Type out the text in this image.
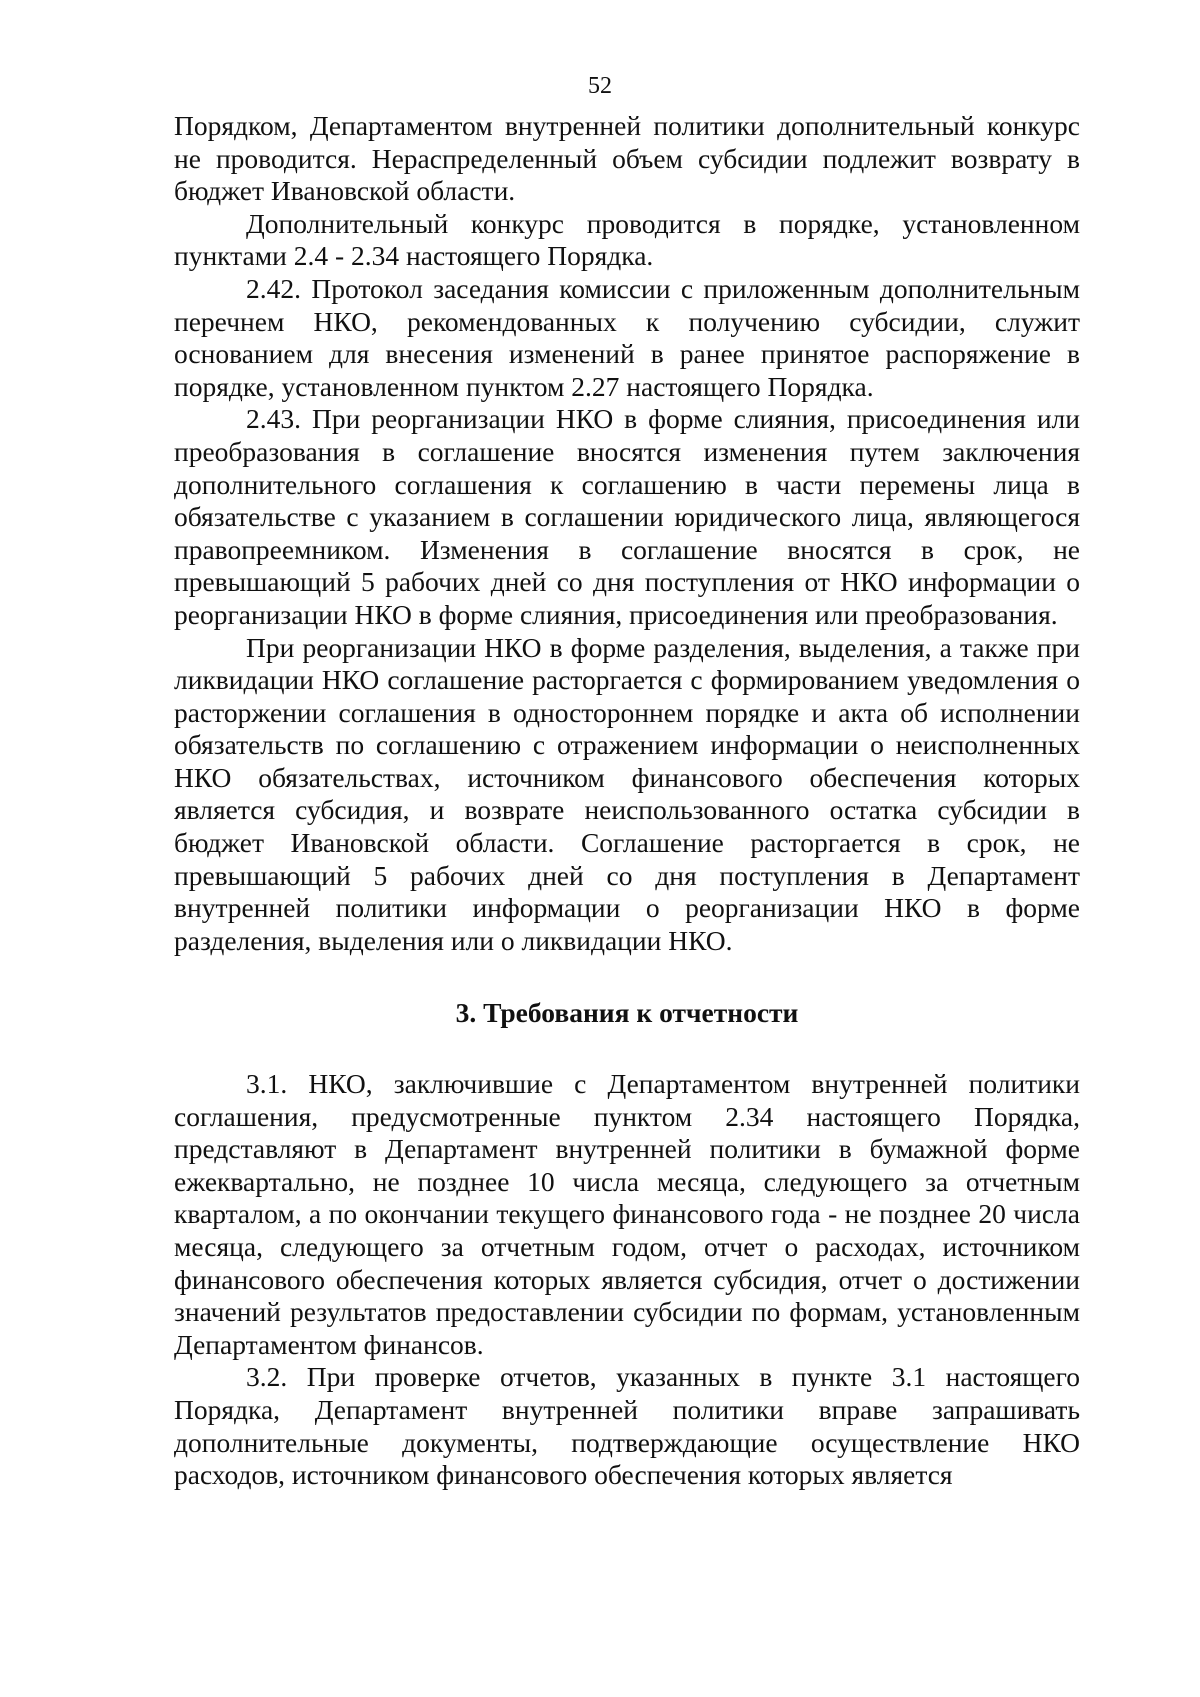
52

Порядком, Департаментом внутренней политики дополнительный конкурс не проводится. Нераспределенный объем субсидии подлежит возврату в бюджет Ивановской области.

Дополнительный конкурс проводится в порядке, установленном пунктами 2.4 - 2.34 настоящего Порядка.

2.42. Протокол заседания комиссии с приложенным дополнительным перечнем НКО, рекомендованных к получению субсидии, служит основанием для внесения изменений в ранее принятое распоряжение в порядке, установленном пунктом 2.27 настоящего Порядка.

2.43. При реорганизации НКО в форме слияния, присоединения или преобразования в соглашение вносятся изменения путем заключения дополнительного соглашения к соглашению в части перемены лица в обязательстве с указанием в соглашении юридического лица, являющегося правопреемником. Изменения в соглашение вносятся в срок, не превышающий 5 рабочих дней со дня поступления от НКО информации о реорганизации НКО в форме слияния, присоединения или преобразования.

При реорганизации НКО в форме разделения, выделения, а также при ликвидации НКО соглашение расторгается с формированием уведомления о расторжении соглашения в одностороннем порядке и акта об исполнении обязательств по соглашению с отражением информации о неисполненных НКО обязательствах, источником финансового обеспечения которых является субсидия, и возврате неиспользованного остатка субсидии в бюджет Ивановской области. Соглашение расторгается в срок, не превышающий 5 рабочих дней со дня поступления в Департамент внутренней политики информации о реорганизации НКО в форме разделения, выделения или о ликвидации НКО.

3. Требования к отчетности

3.1. НКО, заключившие с Департаментом внутренней политики соглашения, предусмотренные пунктом 2.34 настоящего Порядка, представляют в Департамент внутренней политики в бумажной форме ежеквартально, не позднее 10 числа месяца, следующего за отчетным кварталом, а по окончании текущего финансового года - не позднее 20 числа месяца, следующего за отчетным годом, отчет о расходах, источником финансового обеспечения которых является субсидия, отчет о достижении значений результатов предоставлении субсидии по формам, установленным Департаментом финансов.

3.2. При проверке отчетов, указанных в пункте 3.1 настоящего Порядка, Департамент внутренней политики вправе запрашивать дополнительные документы, подтверждающие осуществление НКО расходов, источником финансового обеспечения которых является
